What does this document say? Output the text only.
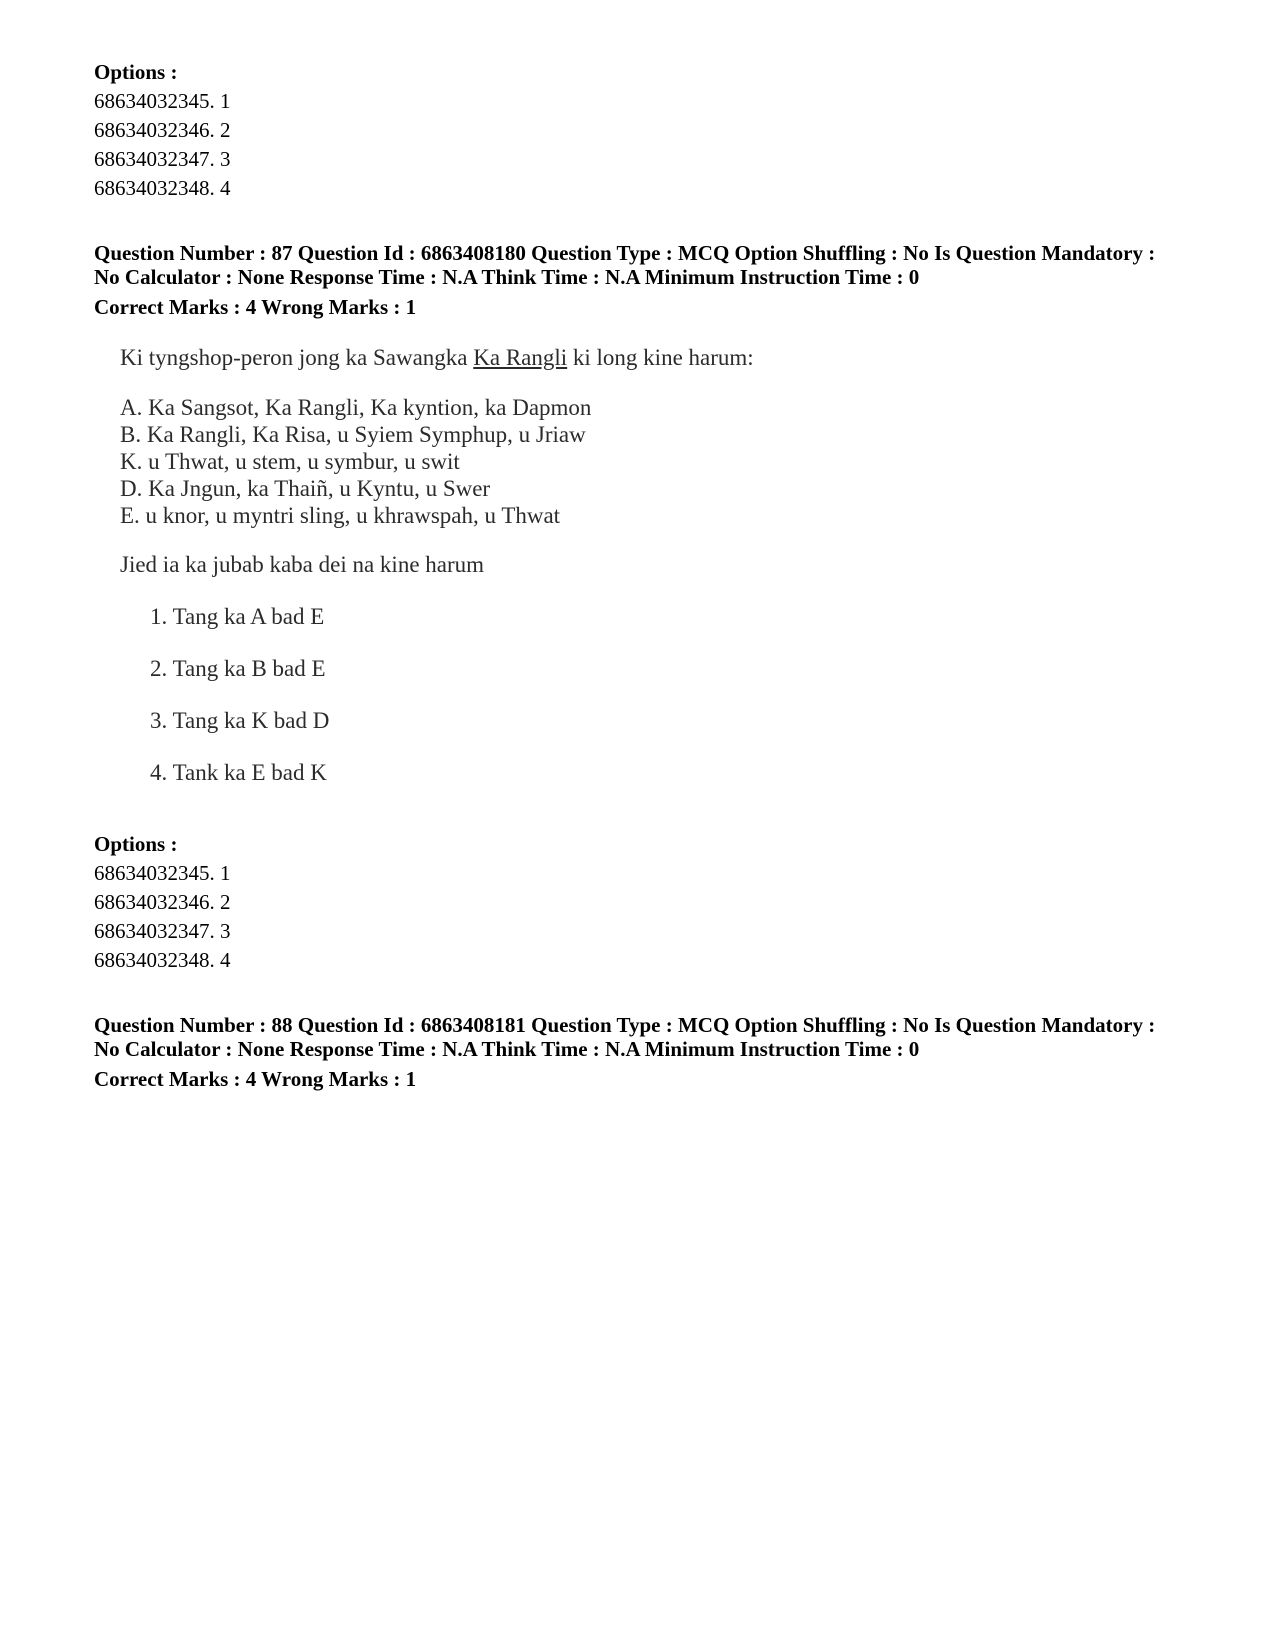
Options :
68634032345. 1
68634032346. 2
68634032347. 3
68634032348. 4
Question Number : 87 Question Id : 6863408180 Question Type : MCQ Option Shuffling : No Is Question Mandatory :
No Calculator : None Response Time : N.A Think Time : N.A Minimum Instruction Time : 0
Correct Marks : 4 Wrong Marks : 1
Ki tyngshop-peron jong ka Sawangka Ka Rangli ki long kine harum:
A. Ka Sangsot, Ka Rangli, Ka kyntion, ka Dapmon
B. Ka Rangli, Ka Risa, u Syiem Symphup, u Jriaw
K. u Thwat, u stem, u symbur, u swit
D. Ka Jngun, ka Thaiñ, u Kyntu, u Swer
E. u knor, u myntri sling, u khrawspah, u Thwat
Jied ia ka jubab kaba dei na kine harum
1. Tang ka A bad E
2. Tang ka B bad E
3. Tang ka K bad D
4. Tank ka E bad K
Options :
68634032345. 1
68634032346. 2
68634032347. 3
68634032348. 4
Question Number : 88 Question Id : 6863408181 Question Type : MCQ Option Shuffling : No Is Question Mandatory :
No Calculator : None Response Time : N.A Think Time : N.A Minimum Instruction Time : 0
Correct Marks : 4 Wrong Marks : 1
